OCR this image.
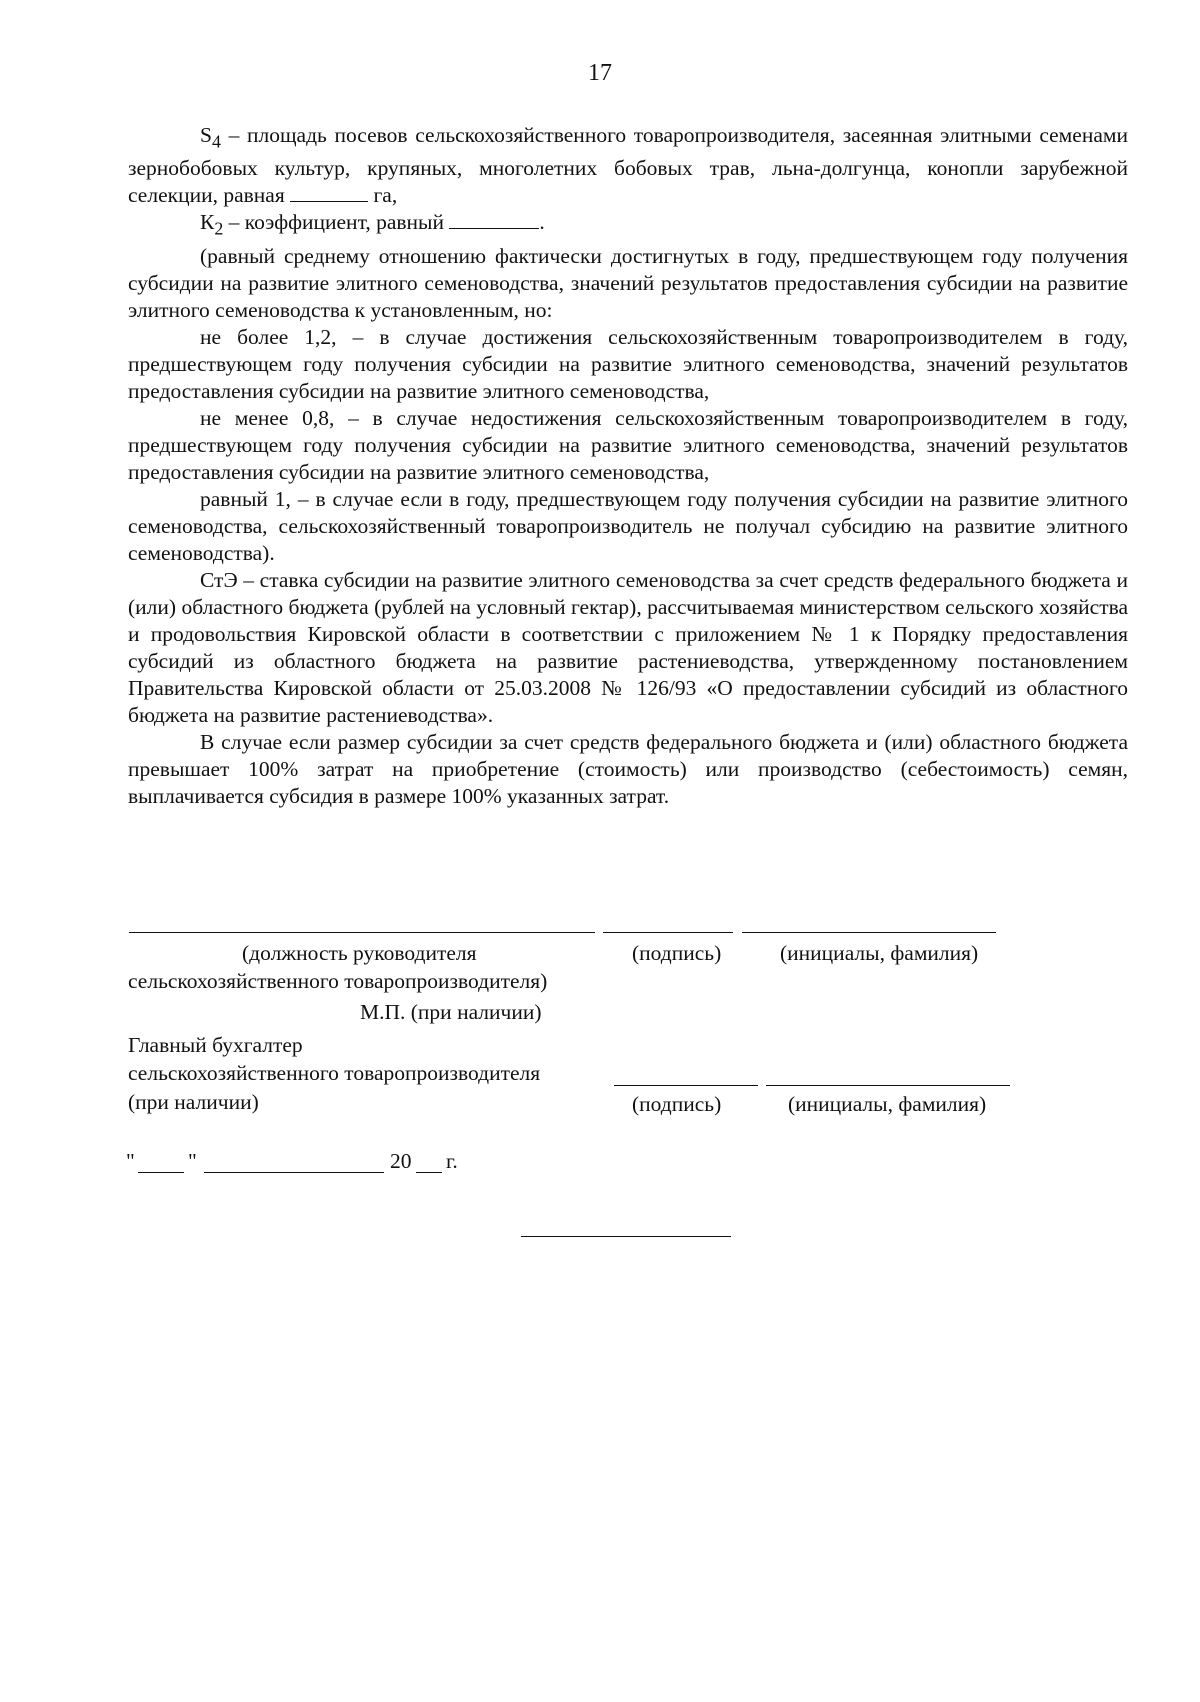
17

$S_4$ – площадь посевов сельскохозяйственного товаропроизводителя, засеянная элитными семенами зернобобовых культур, крупяных, многолетних бобовых трав, льна-долгунца, конопли зарубежной селекции, равная	га,

$К_2$ – коэффициент, равный	.

(равный среднему отношению фактически достигнутых в году, предшествующем году получения субсидии на развитие элитного семеноводства, значений результатов предоставления субсидии на развитие элитного семеноводства к установленным, но:

не более 1,2, – в случае достижения сельскохозяйственным товаропроизводителем в году, предшествующем году получения субсидии на развитие элитного семеноводства, значений результатов предоставления субсидии на развитие элитного семеноводства,

не менее 0,8, – в случае недостижения сельскохозяйственным товаропроизводителем в году, предшествующем году получения субсидии на развитие элитного семеноводства, значений результатов предоставления субсидии на развитие элитного семеноводства,

равный 1, – в случае если в году, предшествующем году получения субсидии на развитие элитного семеноводства, сельскохозяйственный товаропроизводитель не получал субсидию на развитие элитного семеноводства).

СтЭ – ставка субсидии на развитие элитного семеноводства за счет средств федерального бюджета и (или) областного бюджета (рублей на условный гектар), рассчитываемая министерством сельского хозяйства и продовольствия Кировской области в соответствии с приложением № 1 к Порядку предоставления субсидий из областного бюджета на развитие растениеводства, утвержденному постановлением Правительства Кировской области от 25.03.2008 № 126/93 «О предоставлении субсидий из областного бюджета на развитие растениеводства».

В случае если размер субсидии за счет средств федерального бюджета и (или) областного бюджета превышает 100% затрат на приобретение (стоимость) или производство (себестоимость) семян, выплачивается субсидия в размере 100% указанных затрат.

(должность руководителя	(подпись)	(инициалы, фамилия)
сельскохозяйственного товаропроизводителя)
М.П. (при наличии)
Главный бухгалтер
сельскохозяйственного товаропроизводителя
(при наличии)	(подпись)	(инициалы, фамилия)
" "	20 г.
